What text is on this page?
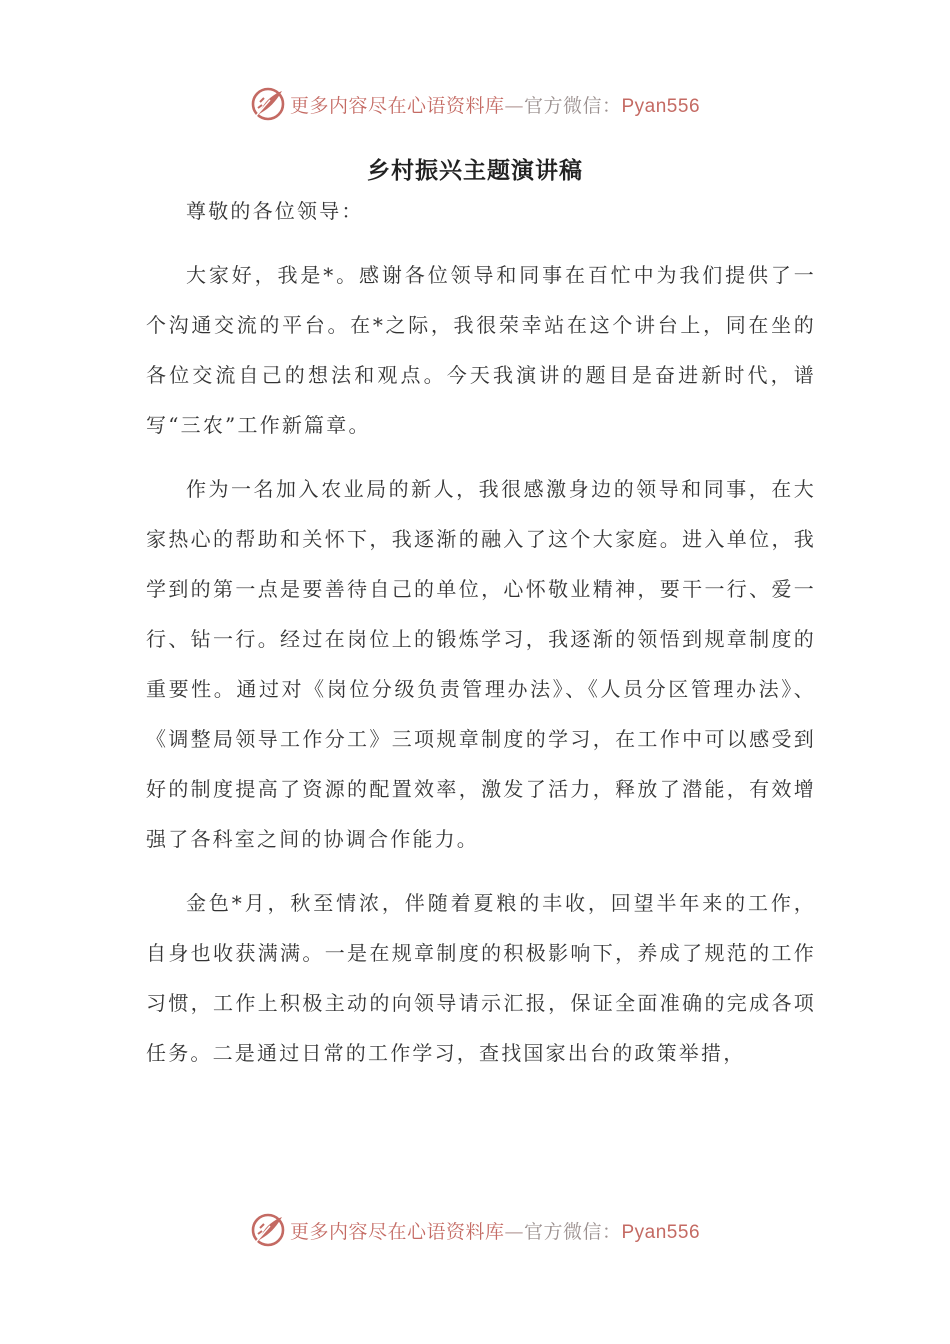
更多内容尽在心语资料库—官方微信：Pyan556
乡村振兴主题演讲稿

尊敬的各位领导：

大家好，我是*。感谢各位领导和同事在百忙中为我们提供了一个沟通交流的平台。在*之际，我很荣幸站在这个讲台上，同在坐的各位交流自己的想法和观点。今天我演讲的题目是奋进新时代，谱写“三农”工作新篇章。

作为一名加入农业局的新人，我很感激身边的领导和同事，在大家热心的帮助和关怀下，我逐渐的融入了这个大家庭。进入单位，我学到的第一点是要善待自己的单位，心怀敬业精神，要干一行、爱一行、钻一行。经过在岗位上的锻炼学习，我逐渐的领悟到规章制度的重要性。通过对《岗位分级负责管理办法》、《人员分区管理办法》、《调整局领导工作分工》三项规章制度的学习，在工作中可以感受到好的制度提高了资源的配置效率，激发了活力，释放了潜能，有效增强了各科室之间的协调合作能力。

金色*月，秋至情浓，伴随着夏粮的丰收，回望半年来的工作，自身也收获满满。一是在规章制度的积极影响下，养成了规范的工作习惯，工作上积极主动的向领导请示汇报，保证全面准确的完成各项任务。二是通过日常的工作学习，查找国家出台的政策举措，

更多内容尽在心语资料库—官方微信：Pyan556
